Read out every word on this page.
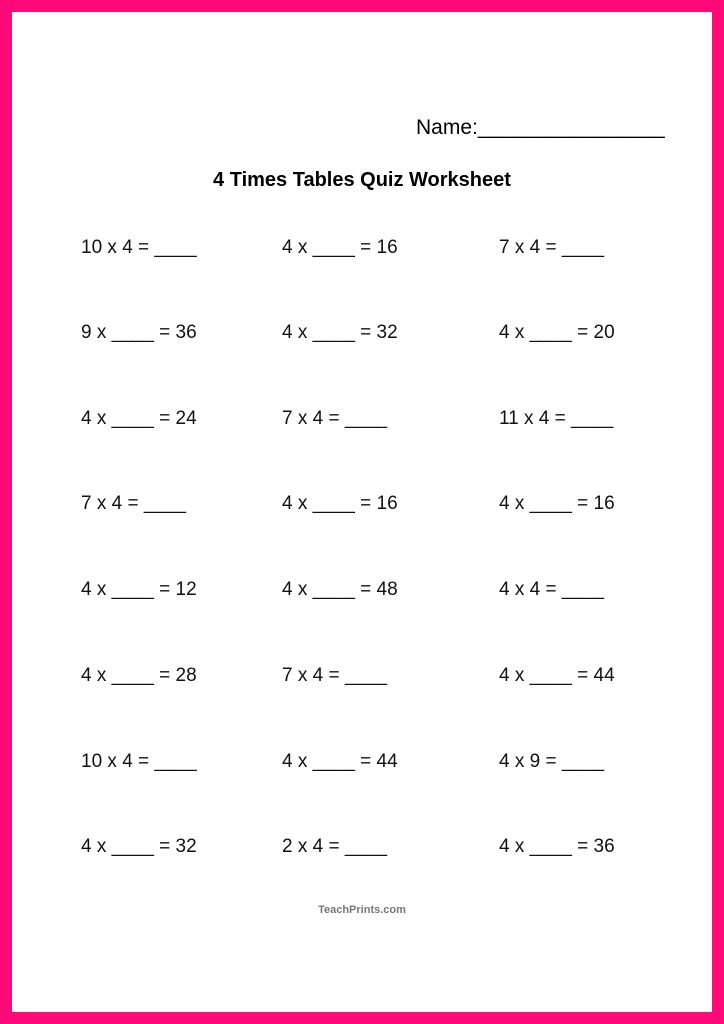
Name:________________
4 Times Tables Quiz Worksheet
10 x 4 = ____	4 x ____ = 16	7 x 4 = ____
9 x ____ = 36	4 x ____ = 32	4 x ____ = 20
4 x ____ = 24	7 x 4 = ____	11 x 4 = ____
7 x 4 = ____	4 x ____ = 16	4 x ____ = 16
4 x ____ = 12	4 x ____ = 48	4 x 4 = ____
4 x ____ = 28	7 x 4 = ____	4 x ____ = 44
10 x 4 = ____	4 x ____ = 44	4 x 9 = ____
4 x ____ = 32	2 x 4 = ____	4 x ____ = 36
TeachPrints.com
